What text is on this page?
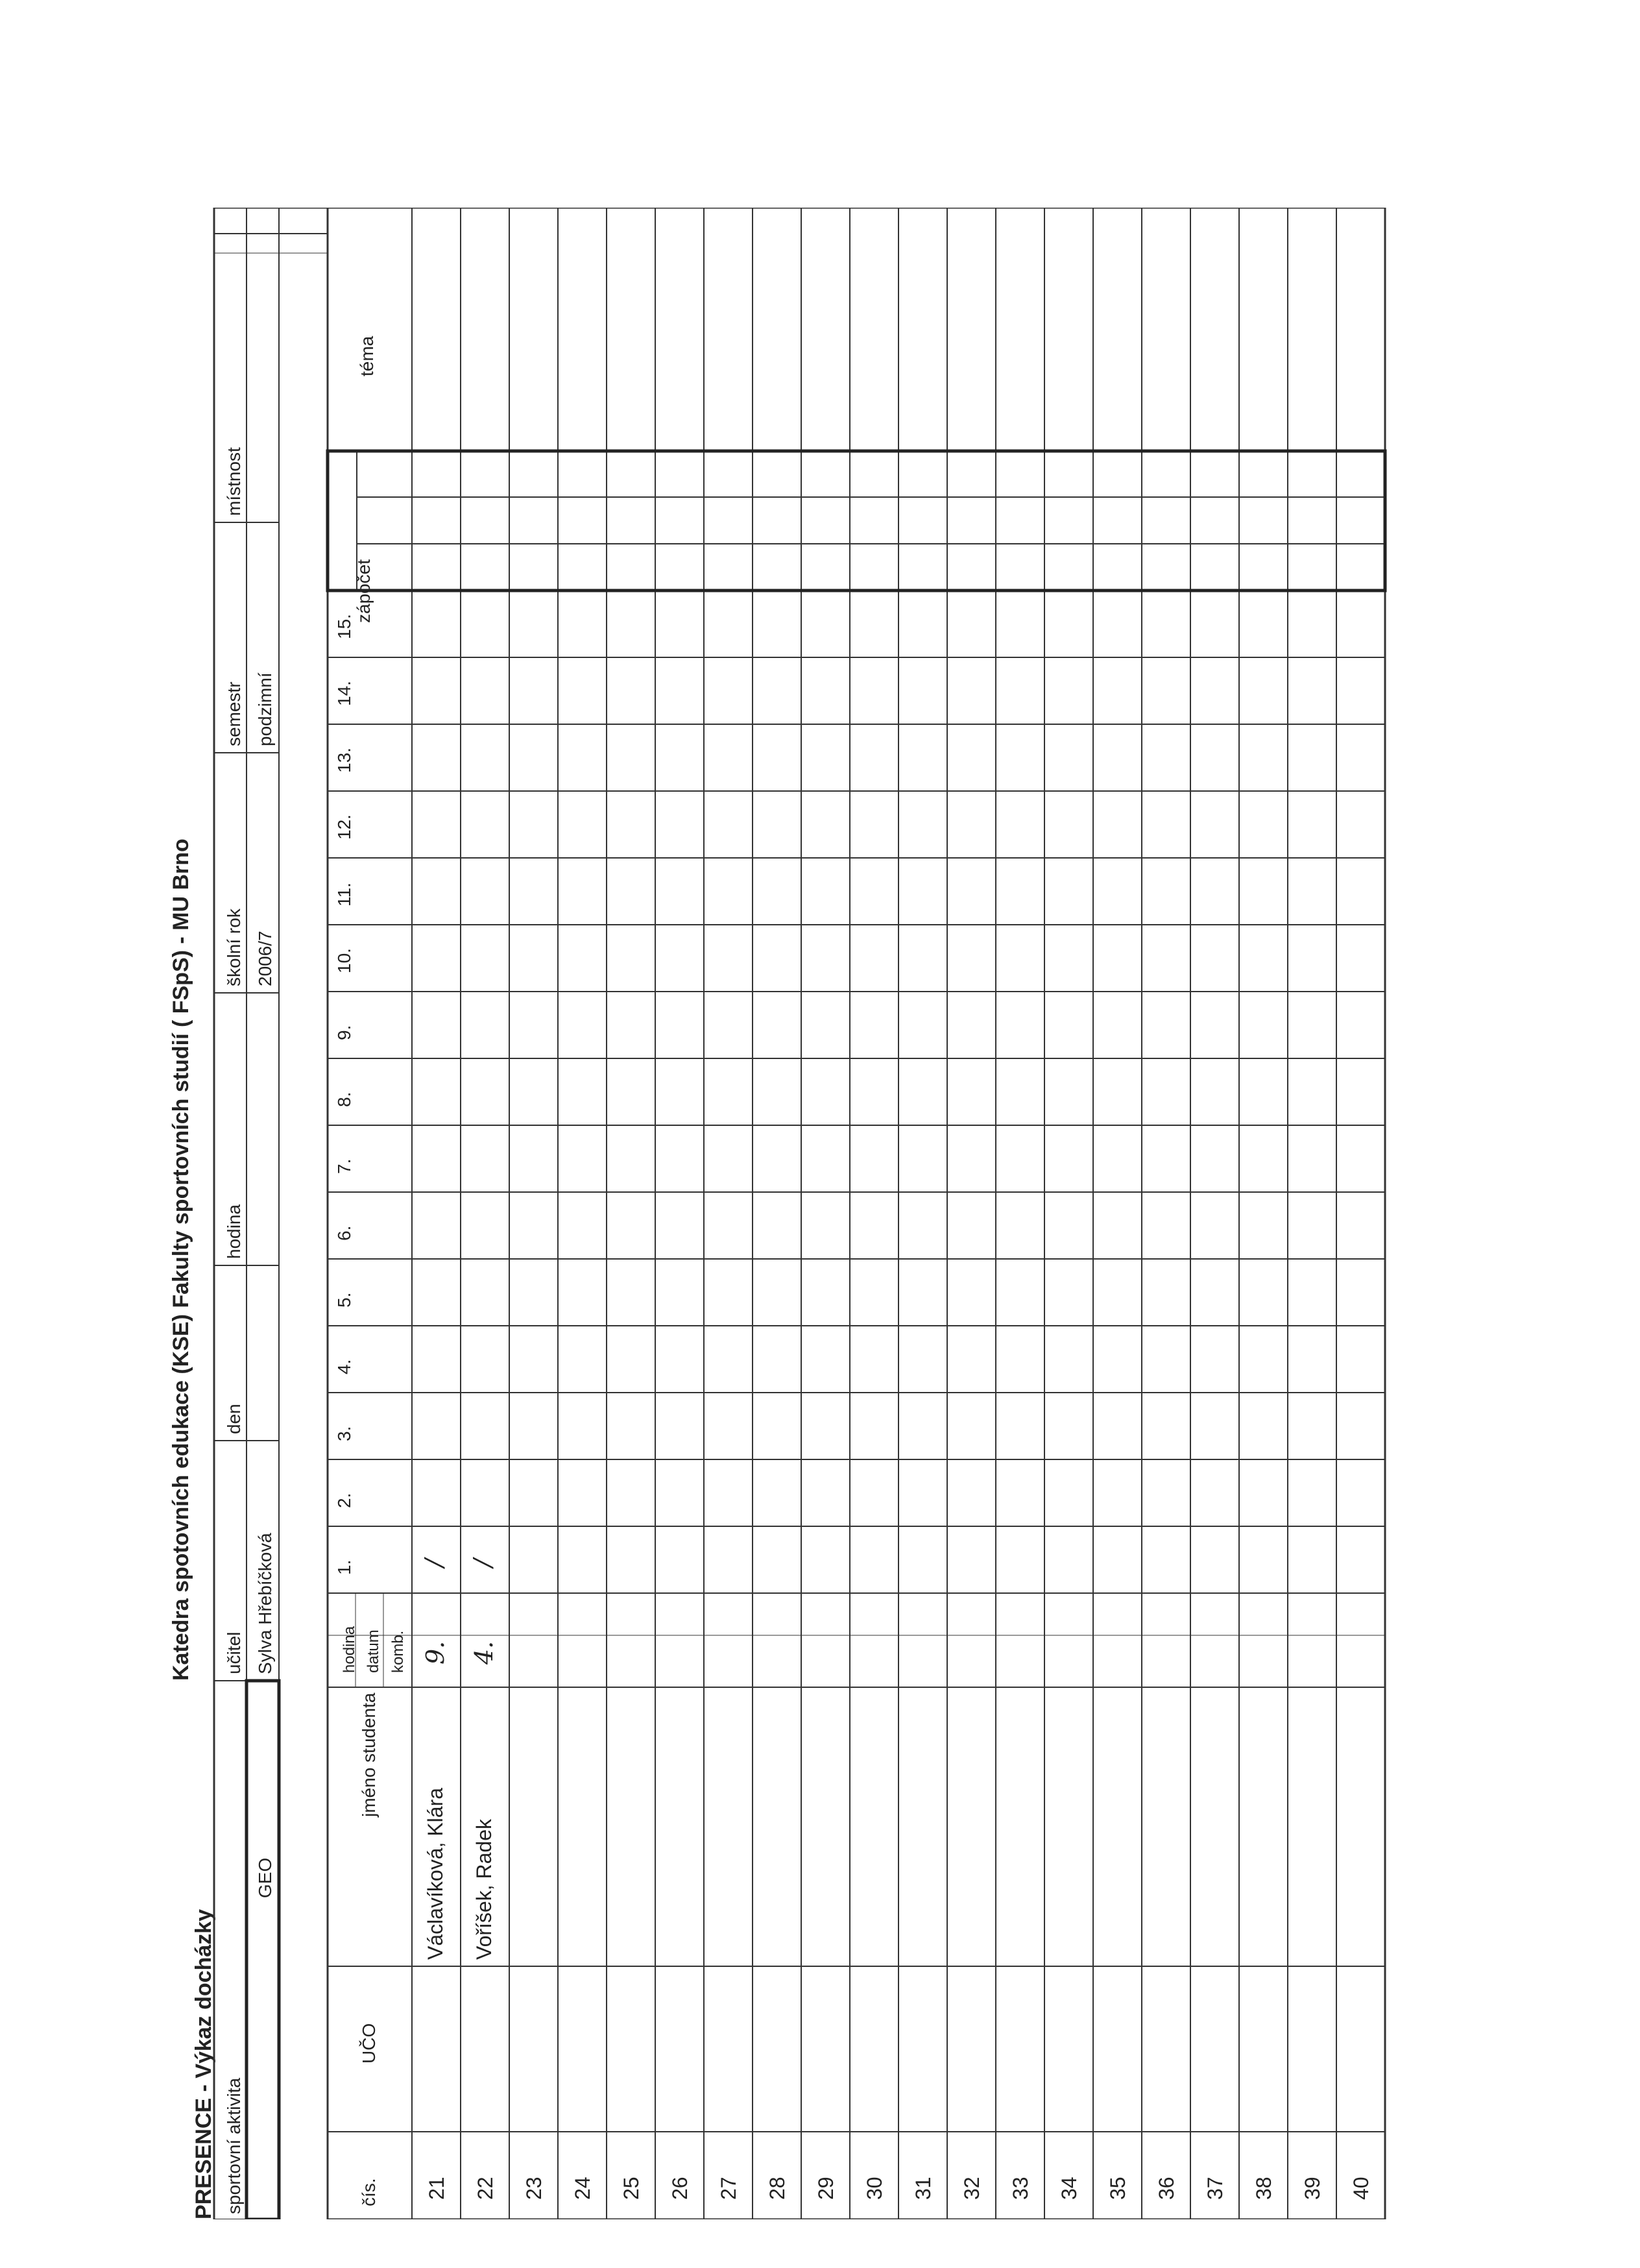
PRESENCE - Výkaz docházky
Katedra spotovních edukace (KSE) Fakulty sportovních studií ( FSpS) - MU Brno
sportovní aktivita
učitel
den
hodina
školní rok
semestr
místnost
GEO
Sylva Hřebíčková
2006/7
podzimní
čís.
UČO
jméno studenta
hodina datum komb.
zápočet
téma
1.
2.
3.
4.
5.
6.
7.
8.
9.
10.
11.
12.
13.
14.
15.
21
Václavíková, Klára
9.
/
22
Voříšek, Radek
4.
/
23 24 25 26 27 28 29 30 31 32 33 34 35 36 37 38 39 40
